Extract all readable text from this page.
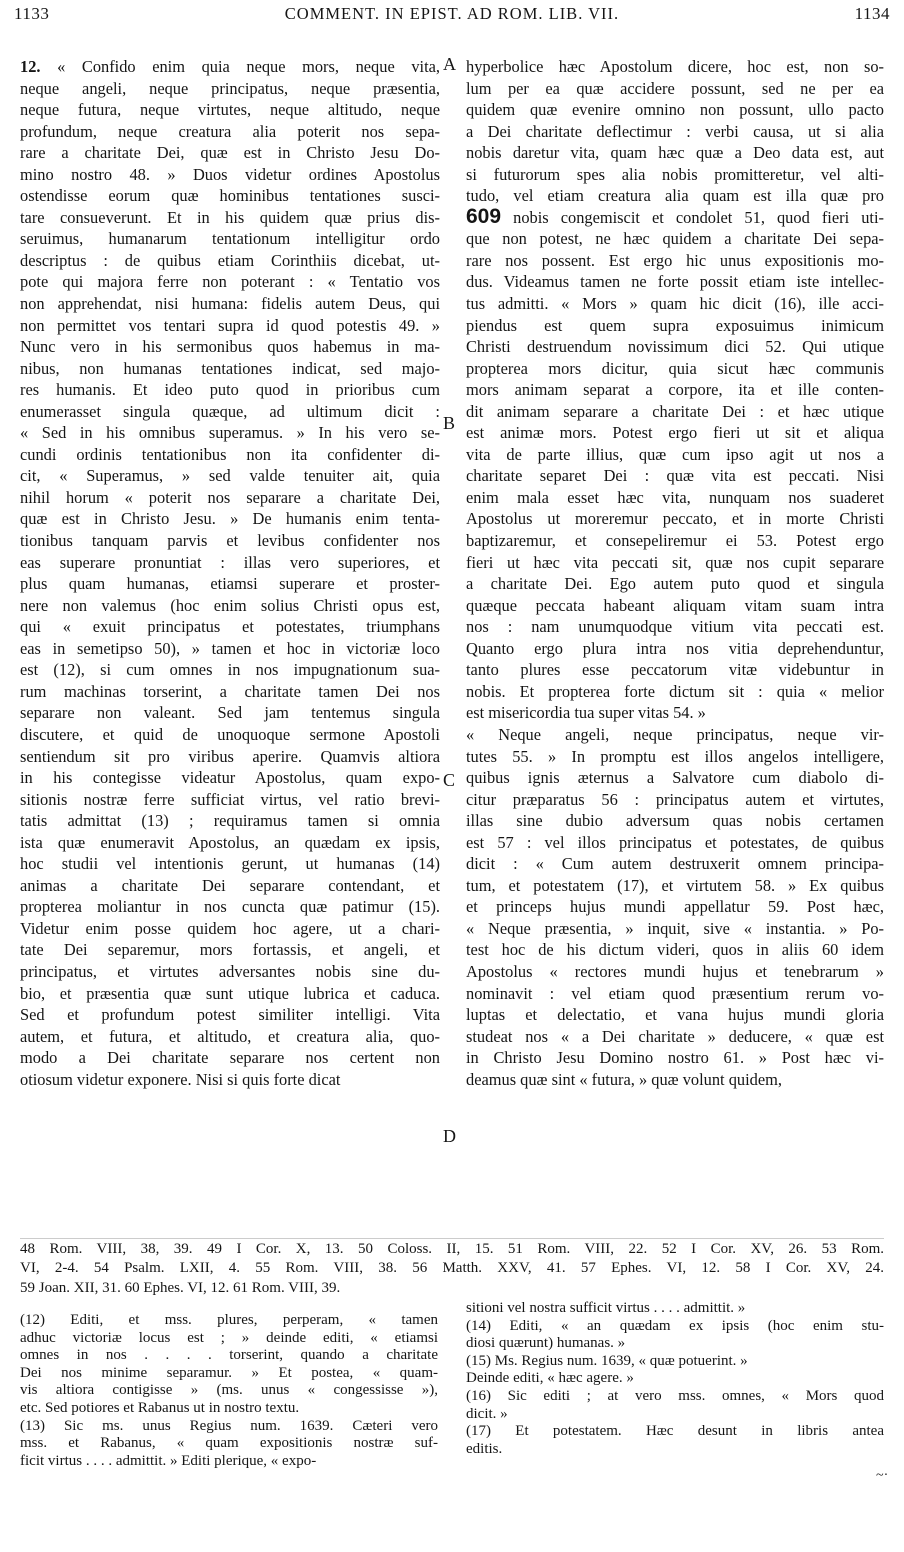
1133	COMMENT. IN EPIST. AD ROM. LIB. VII.	1134
12. « Confido enim quia neque mors, neque vita,
neque angeli, neque principatus, neque præsentia,
neque futura, neque virtutes, neque altitudo, neque
profundum, neque creatura alia poterit nos sepa-
rare a charitate Dei, quæ est in Christo Jesu Do-
mino nostro 48. » Duos videtur ordines Apostolus
ostendisse eorum quæ hominibus tentationes susci-
tare consueverunt. Et in his quidem quæ prius dis-
seruimus, humanarum tentationum intelligitur ordo
descriptus : de quibus etiam Corinthiis dicebat, ut-
pote qui majora ferre non poterant : « Tentatio vos
non apprehendat, nisi humana: fidelis autem Deus, qui
non permittet vos tentari supra id quod potestis 49. »
Nunc vero in his sermonibus quos habemus in ma-
nibus, non humanas tentationes indicat, sed majo-
res humanis. Et ideo puto quod in prioribus cum
enumerasset singula quæque, ad ultimum dicit :
« Sed in his omnibus superamus. » In his vero se-
cundi ordinis tentationibus non ita confidenter di-
cit, « Superamus, » sed valde tenuiter ait, quia
nihil horum « poterit nos separare a charitate Dei,
quæ est in Christo Jesu. » De humanis enim tenta-
tionibus tanquam parvis et levibus confidenter nos
eas superare pronuntiat : illas vero superiores, et
plus quam humanas, etiamsi superare et proster-
nere non valemus (hoc enim solius Christi opus est,
qui « exuit principatus et potestates, triumphans
eas in semetipso 50), » tamen et hoc in victoriæ loco
est (12), si cum omnes in nos impugnationum sua-
rum machinas torserint, a charitate tamen Dei nos
separare non valeant. Sed jam tentemus singula
discutere, et quid de unoquoque sermone Apostoli
sentiendum sit pro viribus aperire. Quamvis altiora
in his contegisse videatur Apostolus, quam expo-
sitionis nostræ ferre sufficiat virtus, vel ratio brevi-
tatis admittat (13) ; requiramus tamen si omnia
ista quæ enumeravit Apostolus, an quædam ex ipsis,
hoc studii vel intentionis gerunt, ut humanas (14)
animas a charitate Dei separare contendant, et
propterea moliantur in nos cuncta quæ patimur (15).
Videtur enim posse quidem hoc agere, ut a chari-
tate Dei separemur, mors fortassis, et angeli, et
principatus, et virtutes adversantes nobis sine du-
bio, et præsentia quæ sunt utique lubrica et caduca.
Sed et profundum potest similiter intelligi. Vita
autem, et futura, et altitudo, et creatura alia, quo-
modo a Dei charitate separare nos certent non
otiosum videtur exponere. Nisi si quis forte dicat
hyperbolice hæc Apostolum dicere, hoc est, non so-
lum per ea quæ accidere possunt, sed ne per ea
quidem quæ evenire omnino non possunt, ullo pacto
a Dei charitate deflectimur : verbi causa, ut si alia
nobis daretur vita, quam hæc quæ a Deo data est, aut
si futurorum spes alia nobis promitteretur, vel alti-
tudo, vel etiam creatura alia quam est illa quæ pro
609 nobis congemiscit et condolet 51, quod fieri uti-
que non potest, ne hæc quidem a charitate Dei sepa-
rare nos possent. Est ergo hic unus expositionis mo-
dus. Videamus tamen ne forte possit etiam iste intellec-
tus admitti. « Mors » quam hic dicit (16), ille acci-
piendus est quem supra exposuimus inimicum
Christi destruendum novissimum dici 52. Qui utique
propterea mors dicitur, quia sicut hæc communis
mors animam separat a corpore, ita et ille conten-
dit animam separare a charitate Dei : et hæc utique
est animæ mors. Potest ergo fieri ut sit et aliqua
vita de parte illius, quæ cum ipso agit ut nos a
charitate separet Dei : quæ vita est peccati. Nisi
enim mala esset hæc vita, nunquam nos suaderet
Apostolus ut moreremur peccato, et in morte Christi
baptizaremur, et consepeliremur ei 53. Potest ergo
fieri ut hæc vita peccati sit, quæ nos cupit separare
a charitate Dei. Ego autem puto quod et singula
quæque peccata habeant aliquam vitam suam intra
nos : nam unumquodque vitium vita peccati est.
Quanto ergo plura intra nos vitia deprehenduntur,
tanto plures esse peccatorum vitæ videbuntur in
nobis. Et propterea forte dictum sit : quia « melior
est misericordia tua super vitas 54. »
« Neque angeli, neque principatus, neque vir-
tutes 55. » In promptu est illos angelos intelligere,
quibus ignis æternus a Salvatore cum diabolo di-
citur præparatus 56 : principatus autem et virtutes,
illas sine dubio adversum quas nobis certamen
est 57 : vel illos principatus et potestates, de quibus
dicit : « Cum autem destruxerit omnem principa-
tum, et potestatem (17), et virtutem 58. » Ex quibus
et princeps hujus mundi appellatur 59. Post hæc,
« Neque præsentia, » inquit, sive « instantia. » Po-
test hoc de his dictum videri, quos in aliis 60 idem
Apostolus « rectores mundi hujus et tenebrarum »
nominavit : vel etiam quod præsentium rerum vo-
luptas et delectatio, et vana hujus mundi gloria
studeat nos « a Dei charitate » deducere, « quæ est
in Christo Jesu Domino nostro 61. » Post hæc vi-
deamus quæ sint « futura, » quæ volunt quidem,
A
B
C
D
48 Rom. VIII, 38, 39. 49 I Cor. X, 13. 50 Coloss. II, 15. 51 Rom. VIII, 22. 52 I Cor. XV, 26. 53 Rom.
VI, 2-4. 54 Psalm. LXII, 4. 55 Rom. VIII, 38. 56 Matth. XXV, 41. 57 Ephes. VI, 12. 58 I Cor. XV, 24.
59 Joan. XII, 31. 60 Ephes. VI, 12. 61 Rom. VIII, 39.
(12) Editi, et mss. plures, perperam, « tamen
adhuc victoriæ locus est ; » deinde editi, « etiamsi
omnes in nos . . . . torserint, quando a charitate
Dei nos minime separamur. » Et postea, « quam-
vis altiora contigisse » (ms. unus « congessisse »),
etc. Sed potiores et Rabanus ut in nostro textu.
(13) Sic ms. unus Regius num. 1639. Cæteri vero
mss. et Rabanus, « quam expositionis nostræ suf-
ficit virtus . . . . admittit. » Editi plerique, « expo-
sitioni vel nostra sufficit virtus . . . . admittit. »
(14) Editi, « an quædam ex ipsis (hoc enim stu-
diosi quærunt) humanas. »
(15) Ms. Regius num. 1639, « quæ potuerint. »
Deinde editi, « hæc agere. »
(16) Sic editi ; at vero mss. omnes, « Mors quod
dicit. »
(17) Et potestatem. Hæc desunt in libris antea
editis.
~·
